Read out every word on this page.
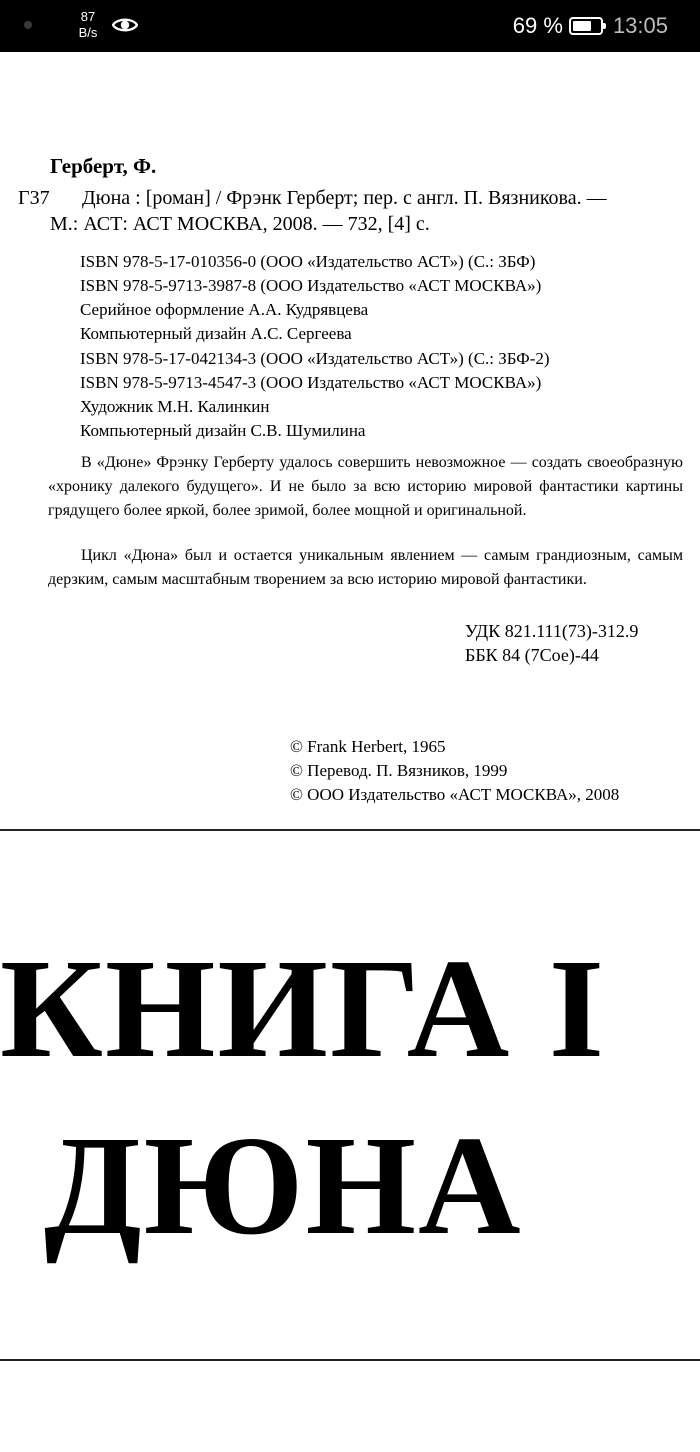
87
B/s	69 % 13:05
Герберт, Ф.
Г37 Дюна : [роман] / Фрэнк Герберт; пер. с англ. П. Вязникова. —
М.: АСТ: АСТ МОСКВА, 2008. — 732, [4] с.
ISBN 978-5-17-010356-0 (ООО «Издательство АСТ») (С.: ЗБФ)
ISBN 978-5-9713-3987-8 (ООО Издательство «АСТ МОСКВА»)
Серийное оформление А.А. Кудрявцева
Компьютерный дизайн А.С. Сергеева
ISBN 978-5-17-042134-3 (ООО «Издательство АСТ») (С.: ЗБФ-2)
ISBN 978-5-9713-4547-3 (ООО Издательство «АСТ МОСКВА»)
Художник М.Н. Калинкин
Компьютерный дизайн С.В. Шумилина

В «Дюне» Фрэнку Герберту удалось совершить невозможное — создать своеобразную «хронику далекого будущего». И не было за всю историю мировой фантастики картины грядущего более яркой, более зримой, более мощной и оригинальной.

Цикл «Дюна» был и остается уникальным явлением — самым грандиозным, самым дерзким, самым масштабным творением за всю историю мировой фантастики.

УДК 821.111(73)-312.9
ББК 84 (7Сое)-44
© Frank Herbert, 1965
© Перевод. П. Вязников, 1999
© ООО Издательство «АСТ МОСКВА», 2008
КНИГА I
ДЮНА
